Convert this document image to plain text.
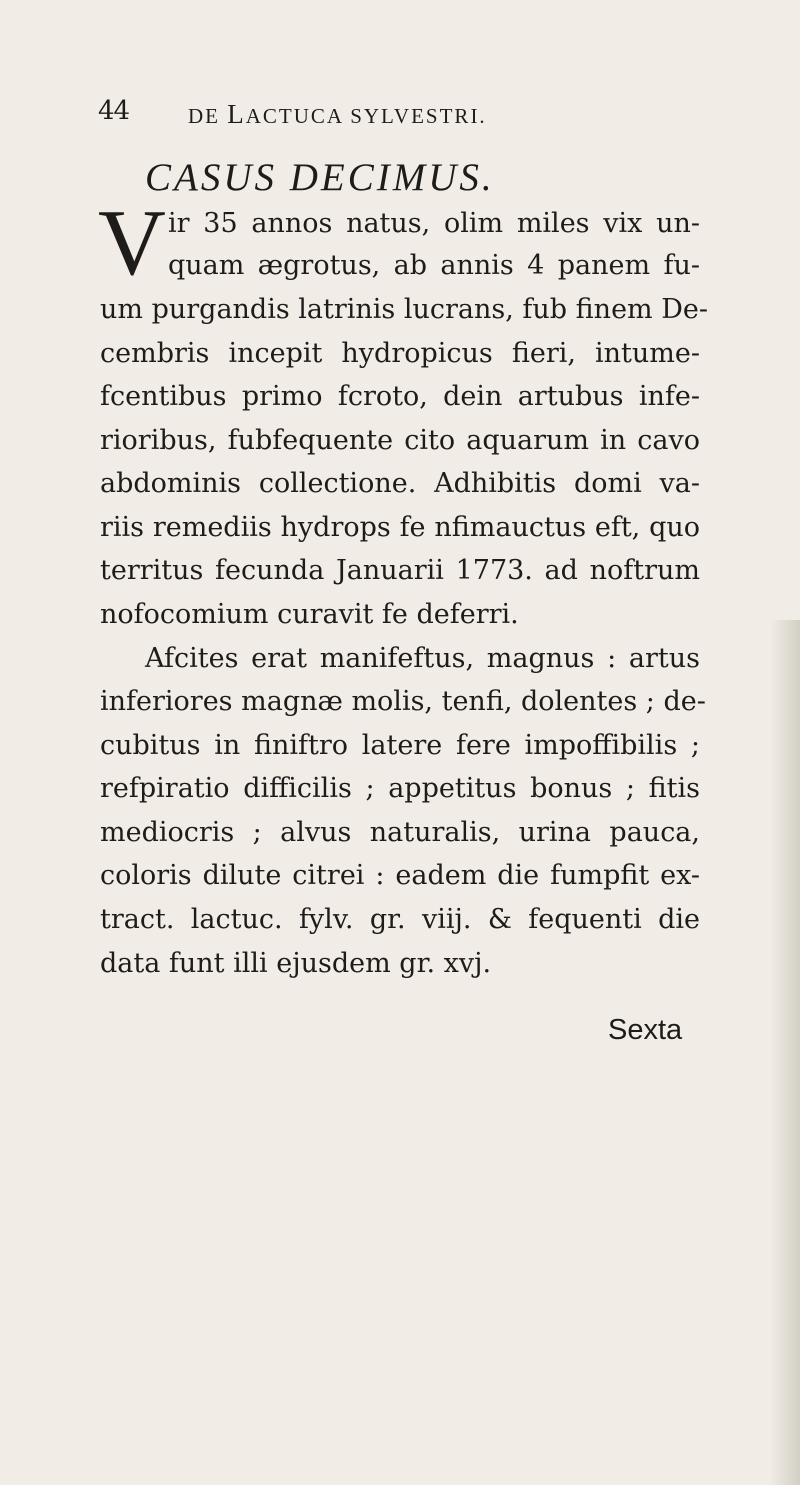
44	DE LACTUCA SYLVESTRI.
CASUS DECIMUS.
V ir 35 annos natus, olim miles vix un-
quam ægrotus, ab annis 4 panem fu-
um purgandis latrinis lucrans, fub finem De-
cembris incepit hydropicus fieri, intume-
fcentibus primo fcroto, dein artubus infe-
rioribus, fubfequente cito aquarum in cavo
abdominis collectione. Adhibitis domi va-
riis remediis hydrops fe nfimauctus eft, quo
territus fecunda Januarii 1773. ad noftrum
nofocomium curavit fe deferri.
Afcites erat manifeftus, magnus : artus
inferiores magnæ molis, tenfi, dolentes ; de-
cubitus in finiftro latere fere impoffibilis ;
refpiratio difficilis ; appetitus bonus ; fitis
mediocris ; alvus naturalis, urina pauca,
coloris dilute citrei : eadem die fumpfit ex-
tract. lactuc. fylv. gr. viij. & fequenti die
data funt illi ejusdem gr. xvj.
Sexta
